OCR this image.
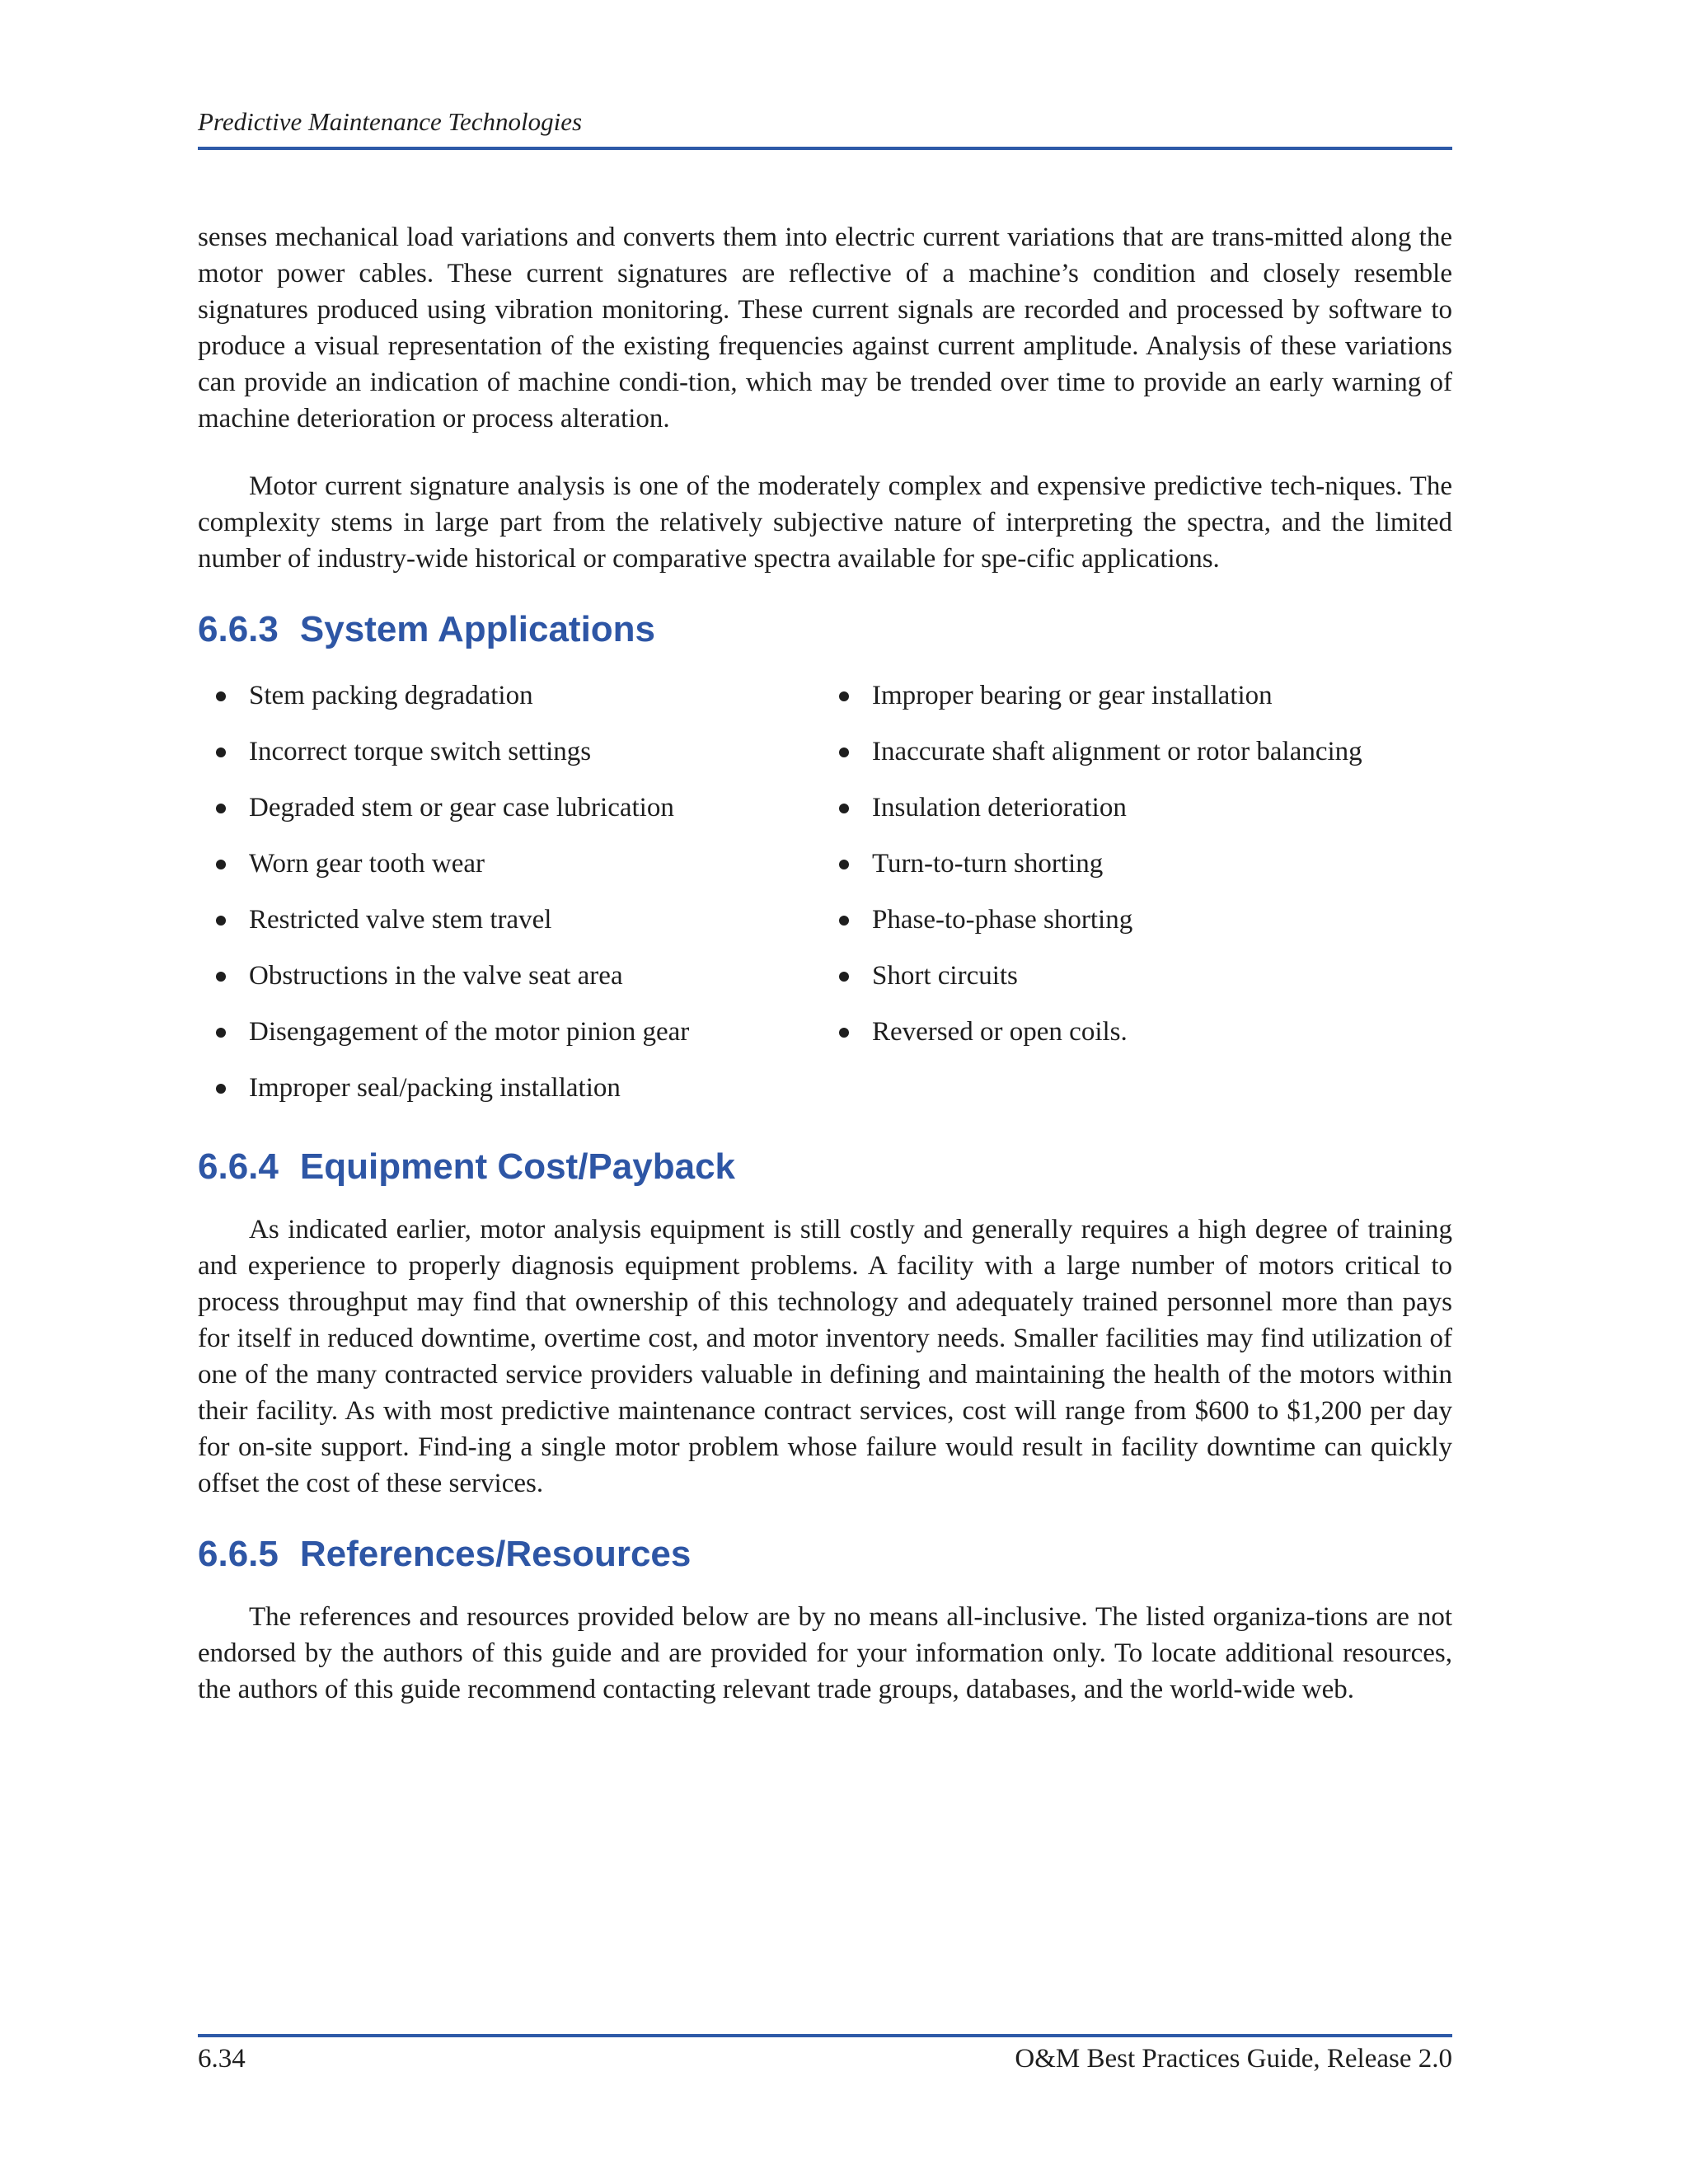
Predictive Maintenance Technologies

senses mechanical load variations and converts them into electric current variations that are trans-mitted along the motor power cables. These current signatures are reflective of a machine’s condition and closely resemble signatures produced using vibration monitoring. These current signals are recorded and processed by software to produce a visual representation of the existing frequencies against current amplitude. Analysis of these variations can provide an indication of machine condi-tion, which may be trended over time to provide an early warning of machine deterioration or process alteration.

Motor current signature analysis is one of the moderately complex and expensive predictive tech-niques. The complexity stems in large part from the relatively subjective nature of interpreting the spectra, and the limited number of industry-wide historical or comparative spectra available for spe-cific applications.

6.6.3 System Applications
Stem packing degradation
Incorrect torque switch settings
Degraded stem or gear case lubrication
Worn gear tooth wear
Restricted valve stem travel
Obstructions in the valve seat area
Disengagement of the motor pinion gear
Improper seal/packing installation
Improper bearing or gear installation
Inaccurate shaft alignment or rotor balancing
Insulation deterioration
Turn-to-turn shorting
Phase-to-phase shorting
Short circuits
Reversed or open coils.
6.6.4 Equipment Cost/Payback

As indicated earlier, motor analysis equipment is still costly and generally requires a high degree of training and experience to properly diagnosis equipment problems. A facility with a large number of motors critical to process throughput may find that ownership of this technology and adequately trained personnel more than pays for itself in reduced downtime, overtime cost, and motor inventory needs. Smaller facilities may find utilization of one of the many contracted service providers valuable in defining and maintaining the health of the motors within their facility. As with most predictive maintenance contract services, cost will range from $600 to $1,200 per day for on-site support. Find-ing a single motor problem whose failure would result in facility downtime can quickly offset the cost of these services.

6.6.5 References/Resources

The references and resources provided below are by no means all-inclusive. The listed organiza-tions are not endorsed by the authors of this guide and are provided for your information only. To locate additional resources, the authors of this guide recommend contacting relevant trade groups, databases, and the world-wide web.

6.34	O&M Best Practices Guide, Release 2.0
